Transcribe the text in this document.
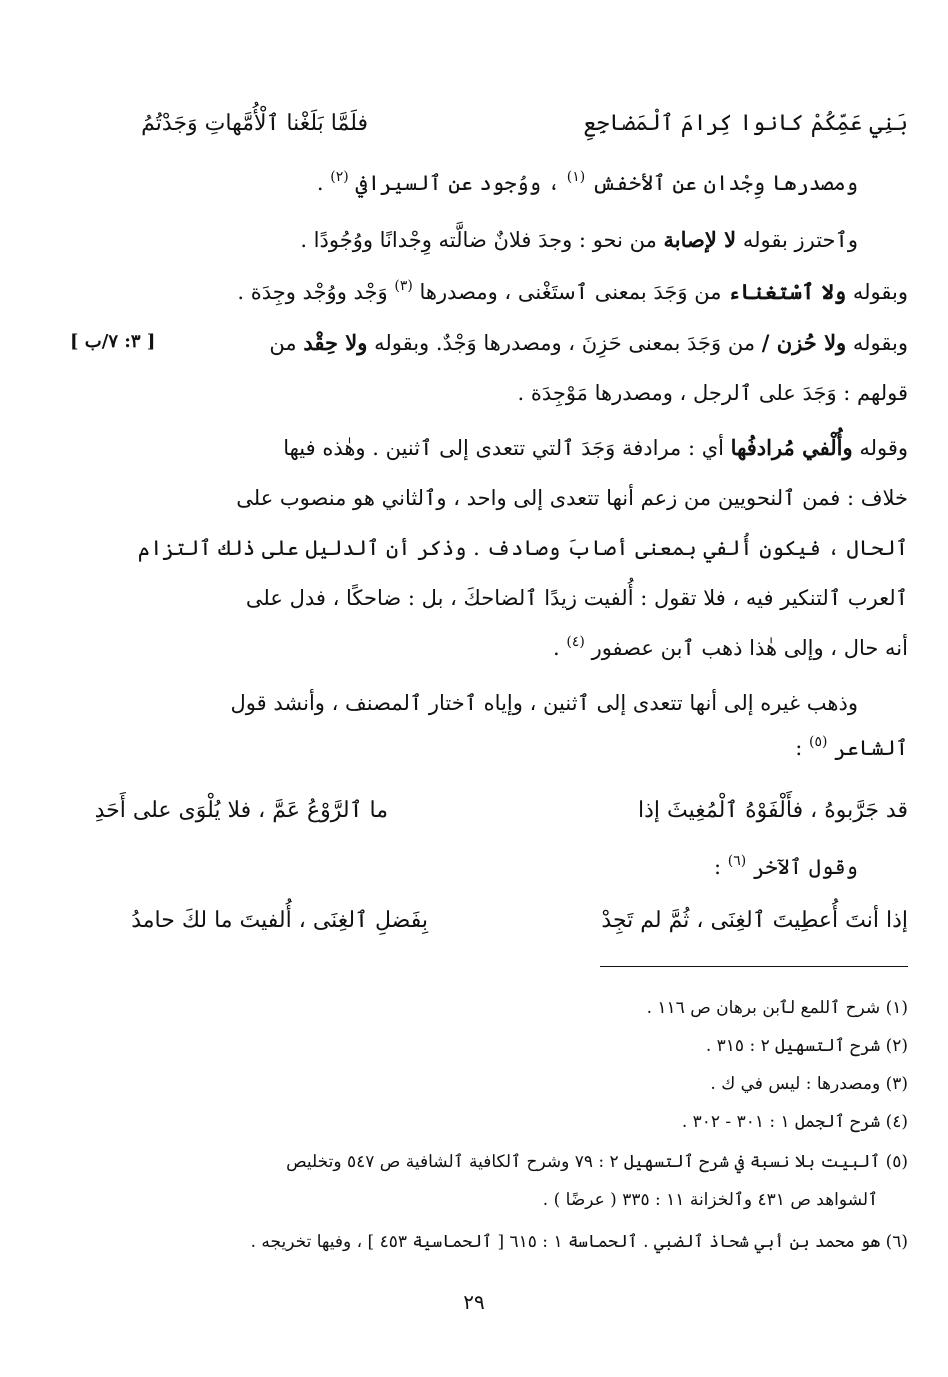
بَنِي عَمِّكُمْ كانوا كِرامَ ٱلْمَضاجِعِ
فلَمَّا بَلَغْنا ٱلْأُمَّهاتِ وَجَدْتُمُ
ومصدرها وِجْدان عن ٱلأخفش $^{(١)}$ ، ووُجود عن ٱلسيرافي $^{(٢)}$ .
وٱحترز بقوله لا لإصابة من نحو : وجدَ فلانٌ ضالَّته وِجْدانًا ووُجُودًا .
وبقوله ولا ٱسْتغناء من وَجَدَ بمعنى ٱستَغْنى ، ومصدرها $^{(٣)}$ وَجْد ووُجْد وجِدَة .
وبقوله ولا حُزن / من وَجَدَ بمعنى حَزِنَ ، ومصدرها وَجْدٌ. وبقوله ولا حِقْد من
[ ٣: ٧/ب ]
قولهم : وَجَدَ على ٱلرجل ، ومصدرها مَوْجِدَة .
وقوله وأُلْفي مُرادفُها أي : مرادفة وَجَدَ ٱلتي تتعدى إلى ٱثنين . وهٰذه فيها
خلاف : فمن ٱلنحويين من زعم أنها تتعدى إلى واحد ، وٱلثاني هو منصوب على
ٱلحال ، فيكون أُلفي بمعنى أصابَ وصادف . وذكر أن ٱلدليل على ذٰلك ٱلتزام
ٱلعرب ٱلتنكير فيه ، فلا تقول : أُلفيت زيدًا ٱلضاحكَ ، بل : ضاحكًا ، فدل على
أنه حال ، وإلى هٰذا ذهب ٱبن عصفور $^{(٤)}$ .
وذهب غيره إلى أنها تتعدى إلى ٱثنين ، وإياه ٱختار ٱلمصنف ، وأنشد قول
ٱلشاعر $^{(٥)}$ :
قد جَرَّبوهُ ، فأَلْفَوْهُ ٱلْمُغِيثَ إذا
ما ٱلرَّوْعُ عَمَّ ، فلا يُلْوَى على أَحَدِ
وقول ٱلآخر $^{(٦)}$ :
إذا أنتَ أُعطِيتَ ٱلغِنَى ، ثُمَّ لم تَجِدْ
بِفَضلِ ٱلغِنَى ، أُلفيتَ ما لكَ حامدُ
(١) شرح ٱللمع لٱبن برهان ص ١١٦ .
(٢) شرح ٱلتسهيل ٢ : ٣١٥ .
(٣) ومصدرها : ليس في ك .
(٤) شرح ٱلجمل ١ : ٣٠١ - ٣٠٢ .
(٥) ٱلبيت بلا نسبة في شرح ٱلتسهيل ٢ : ٧٩ وشرح ٱلكافية ٱلشافية ص ٥٤٧ وتخليص
ٱلشواهد ص ٤٣١ وٱلخزانة ١١ : ٣٣٥ ( عرضًا ) .
(٦) هو محمد بن أبي شحاذ ٱلضبي . ٱلحماسة ١ : ٦١٥ [ ٱلحماسية ٤٥٣ ] ، وفيها تخريجه .
٢٩
